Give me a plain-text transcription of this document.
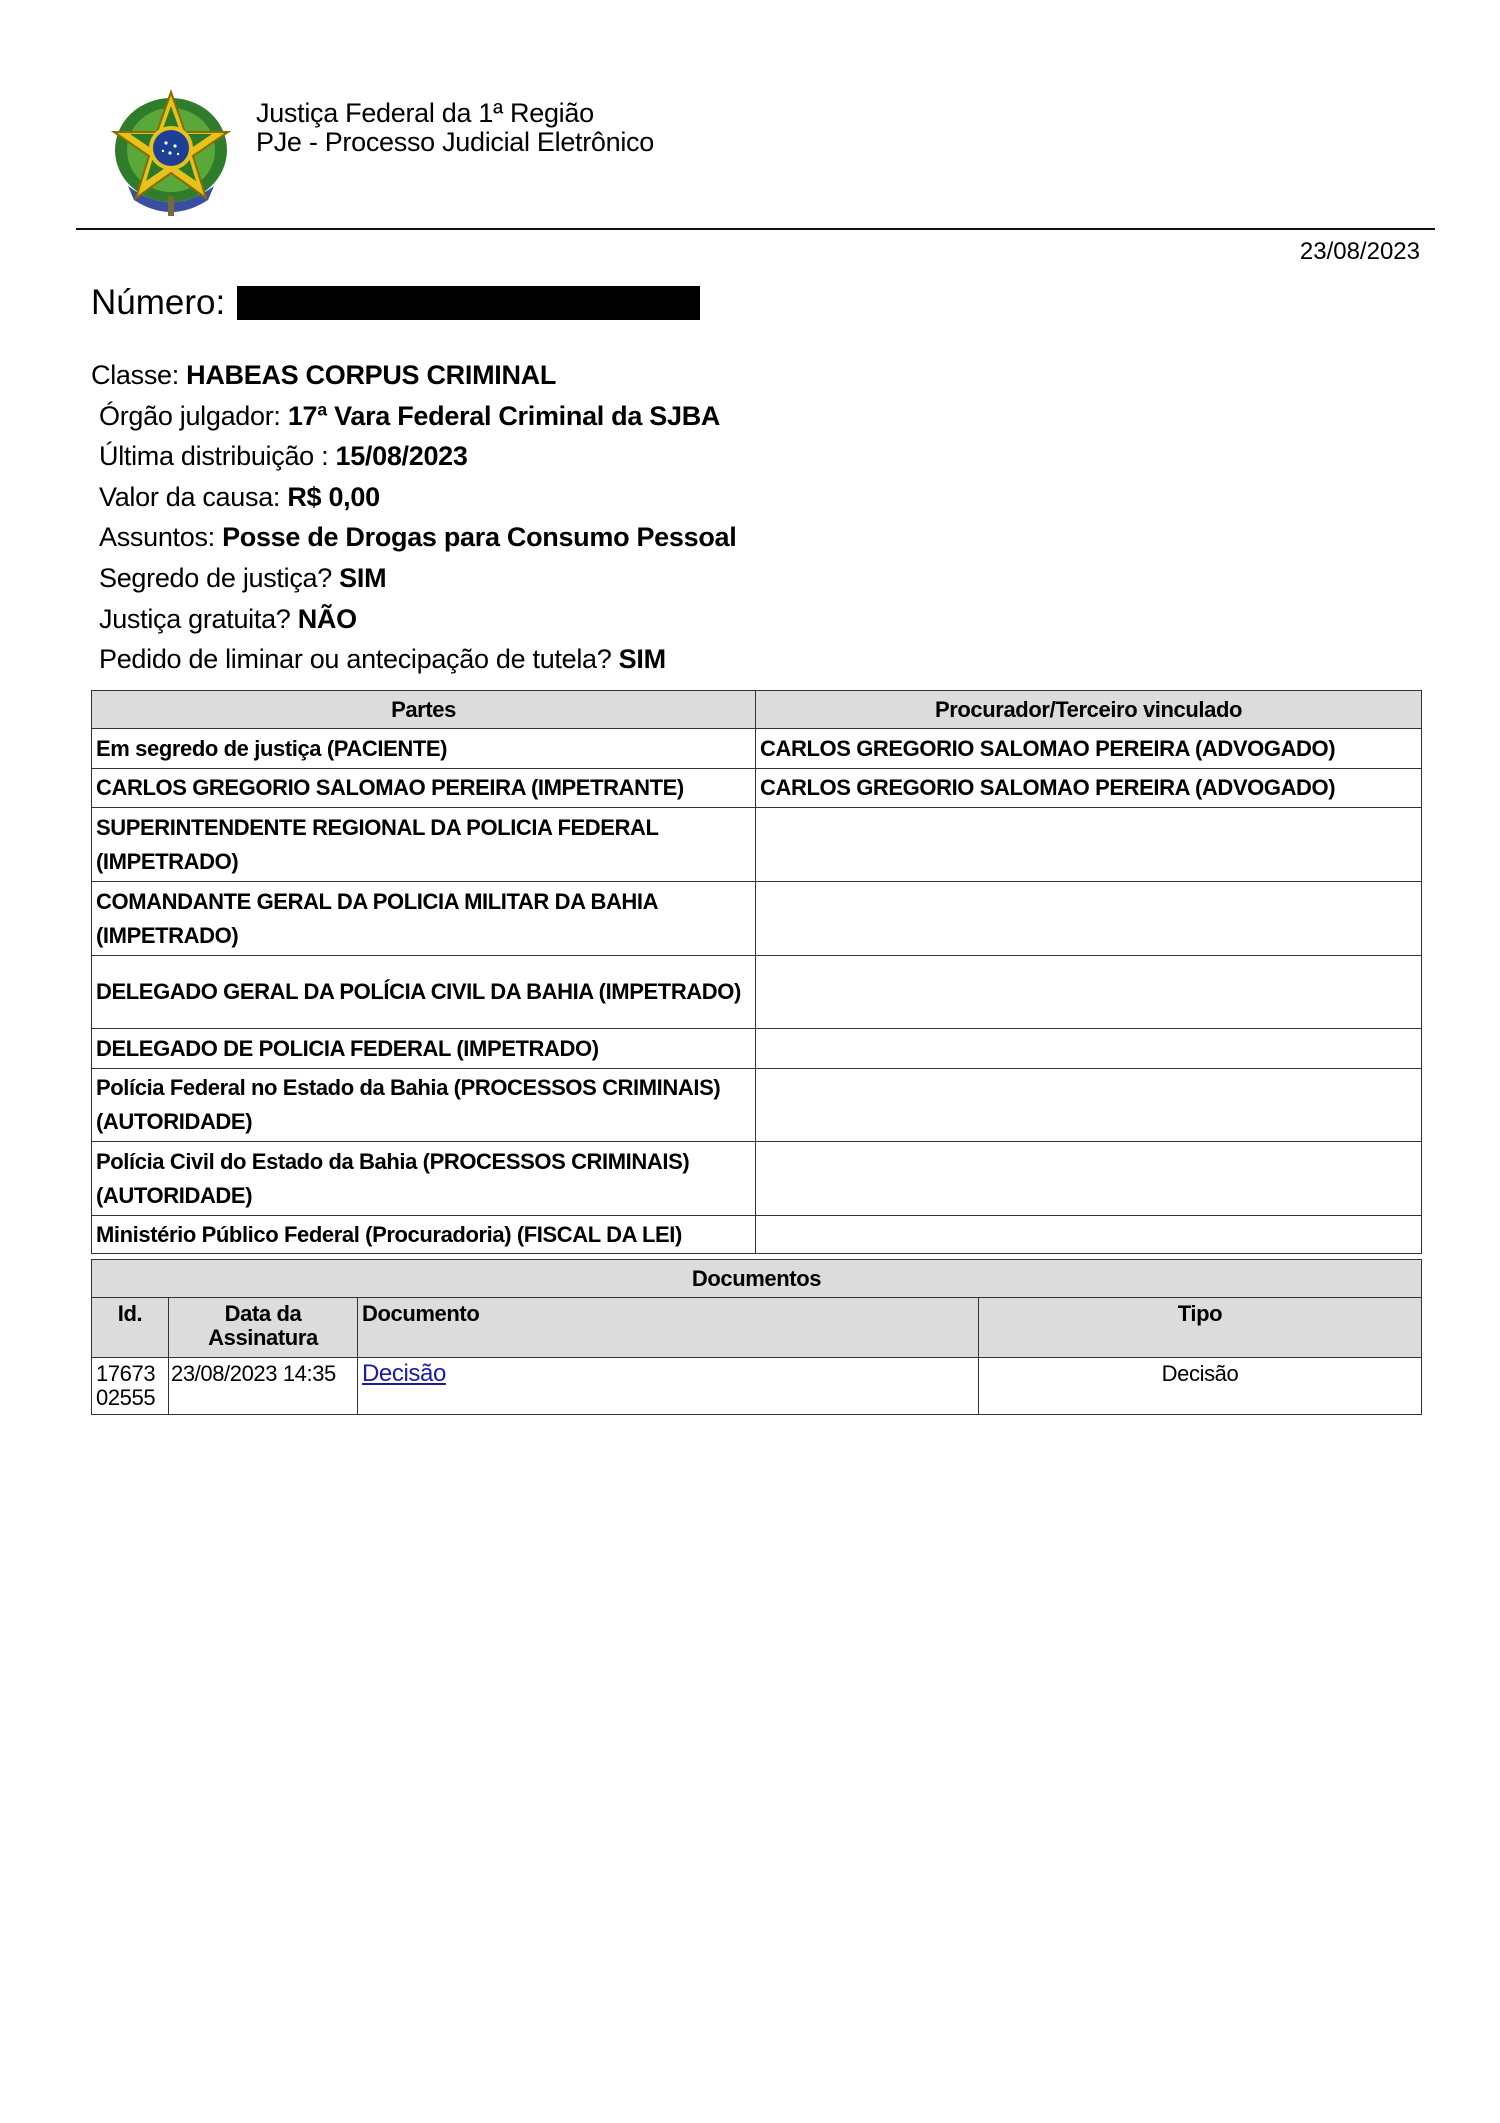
Justiça Federal da 1ª Região
PJe - Processo Judicial Eletrônico
23/08/2023
Número:
Classe: HABEAS CORPUS CRIMINAL
Órgão julgador: 17ª Vara Federal Criminal da SJBA
Última distribuição : 15/08/2023
Valor da causa: R$ 0,00
Assuntos: Posse de Drogas para Consumo Pessoal
Segredo de justiça? SIM
Justiça gratuita? NÃO
Pedido de liminar ou antecipação de tutela? SIM
Partes	Procurador/Terceiro vinculado
Em segredo de justiça (PACIENTE)	CARLOS GREGORIO SALOMAO PEREIRA (ADVOGADO)
CARLOS GREGORIO SALOMAO PEREIRA (IMPETRANTE)	CARLOS GREGORIO SALOMAO PEREIRA (ADVOGADO)
SUPERINTENDENTE REGIONAL DA POLICIA FEDERAL (IMPETRADO)	
COMANDANTE GERAL DA POLICIA MILITAR DA BAHIA (IMPETRADO)	
DELEGADO GERAL DA POLÍCIA CIVIL DA BAHIA (IMPETRADO)	
DELEGADO DE POLICIA FEDERAL (IMPETRADO)	
Polícia Federal no Estado da Bahia (PROCESSOS CRIMINAIS) (AUTORIDADE)	
Polícia Civil do Estado da Bahia (PROCESSOS CRIMINAIS) (AUTORIDADE)	
Ministério Público Federal (Procuradoria) (FISCAL DA LEI)	
Documentos			
Id.	Data da Assinatura	Documento	Tipo
1767302555	23/08/2023 14:35	Decisão	Decisão
